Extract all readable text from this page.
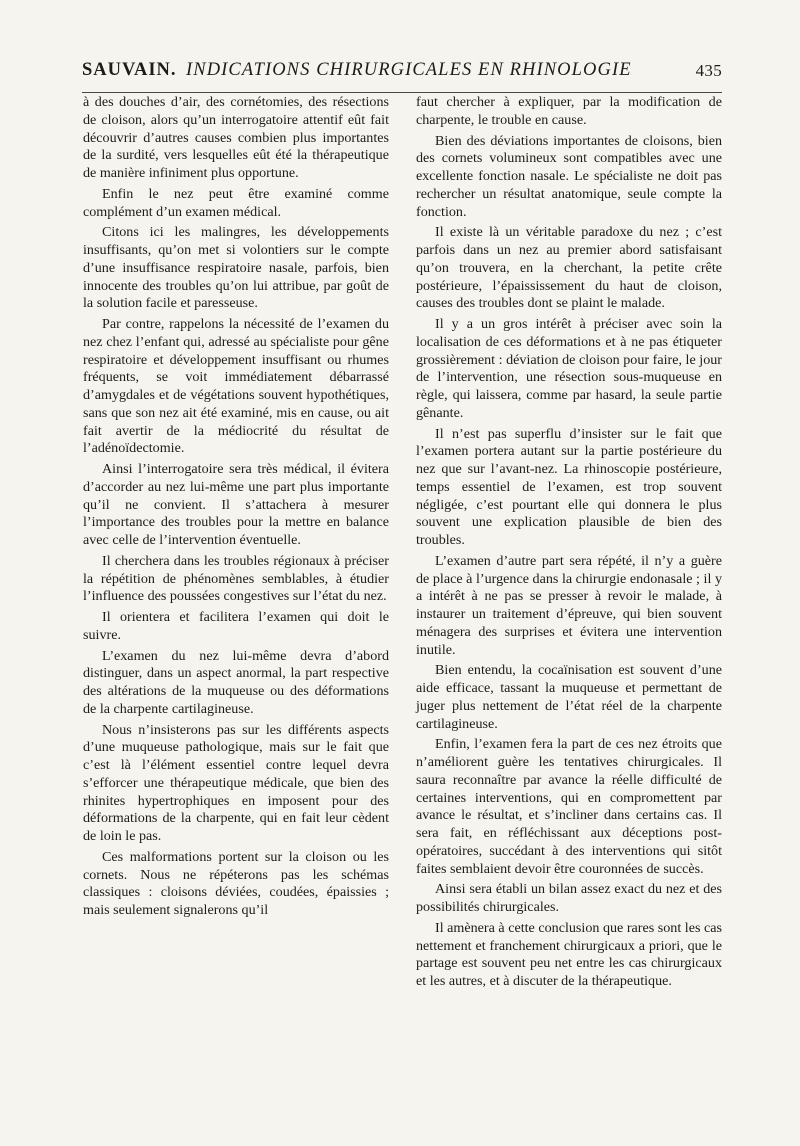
SAUVAIN. INDICATIONS CHIRURGICALES EN RHINOLOGIE	435

à des douches d’air, des cornétomies, des résections de cloison, alors qu’un interrogatoire attentif eût fait découvrir d’autres causes combien plus importantes de la surdité, vers lesquelles eût été la thérapeutique de manière infiniment plus opportune.

Enfin le nez peut être examiné comme complément d’un examen médical.

Citons ici les malingres, les développements insuffisants, qu’on met si volontiers sur le compte d’une insuffisance respiratoire nasale, parfois, bien innocente des troubles qu’on lui attribue, par goût de la solution facile et paresseuse.

Par contre, rappelons la nécessité de l’examen du nez chez l’enfant qui, adressé au spécialiste pour gêne respiratoire et développement insuffisant ou rhumes fréquents, se voit immédiatement débarrassé d’amygdales et de végétations souvent hypothétiques, sans que son nez ait été examiné, mis en cause, ou ait fait avertir de la médiocrité du résultat de l’adénoïdectomie.

Ainsi l’interrogatoire sera très médical, il évitera d’accorder au nez lui-même une part plus importante qu’il ne convient. Il s’attachera à mesurer l’importance des troubles pour la mettre en balance avec celle de l’intervention éventuelle.

Il cherchera dans les troubles régionaux à préciser la répétition de phénomènes semblables, à étudier l’influence des poussées congestives sur l’état du nez.

Il orientera et facilitera l’examen qui doit le suivre.

L’examen du nez lui-même devra d’abord distinguer, dans un aspect anormal, la part respective des altérations de la muqueuse ou des déformations de la charpente cartilagineuse.

Nous n’insisterons pas sur les différents aspects d’une muqueuse pathologique, mais sur le fait que c’est là l’élément essentiel contre lequel devra s’efforcer une thérapeutique médicale, que bien des rhinites hypertrophiques en imposent pour des déformations de la charpente, qui en fait leur cèdent de loin le pas.

Ces malformations portent sur la cloison ou les cornets. Nous ne répéterons pas les schémas classiques : cloisons déviées, coudées, épaissies ; mais seulement signalerons qu’il

faut chercher à expliquer, par la modification de charpente, le trouble en cause.

Bien des déviations importantes de cloisons, bien des cornets volumineux sont compatibles avec une excellente fonction nasale. Le spécialiste ne doit pas rechercher un résultat anatomique, seule compte la fonction.

Il existe là un véritable paradoxe du nez ; c’est parfois dans un nez au premier abord satisfaisant qu’on trouvera, en la cherchant, la petite crête postérieure, l’épaississement du haut de cloison, causes des troubles dont se plaint le malade.

Il y a un gros intérêt à préciser avec soin la localisation de ces déformations et à ne pas étiqueter grossièrement : déviation de cloison pour faire, le jour de l’intervention, une résection sous-muqueuse en règle, qui laissera, comme par hasard, la seule partie gênante.

Il n’est pas superflu d’insister sur le fait que l’examen portera autant sur la partie postérieure du nez que sur l’avant-nez. La rhinoscopie postérieure, temps essentiel de l’examen, est trop souvent négligée, c’est pourtant elle qui donnera le plus souvent une explication plausible de bien des troubles.

L’examen d’autre part sera répété, il n’y a guère de place à l’urgence dans la chirurgie endonasale ; il y a intérêt à ne pas se presser à revoir le malade, à instaurer un traitement d’épreuve, qui bien souvent ménagera des surprises et évitera une intervention inutile.

Bien entendu, la cocaïnisation est souvent d’une aide efficace, tassant la muqueuse et permettant de juger plus nettement de l’état réel de la charpente cartilagineuse.

Enfin, l’examen fera la part de ces nez étroits que n’améliorent guère les tentatives chirurgicales. Il saura reconnaître par avance la réelle difficulté de certaines interventions, qui en compromettent par avance le résultat, et s’incliner dans certains cas. Il sera fait, en réfléchissant aux déceptions post-opératoires, succédant à des interventions qui sitôt faites semblaient devoir être couronnées de succès.

Ainsi sera établi un bilan assez exact du nez et des possibilités chirurgicales.

Il amènera à cette conclusion que rares sont les cas nettement et franchement chirurgicaux a priori, que le partage est souvent peu net entre les cas chirurgicaux et les autres, et à discuter de la thérapeutique.
